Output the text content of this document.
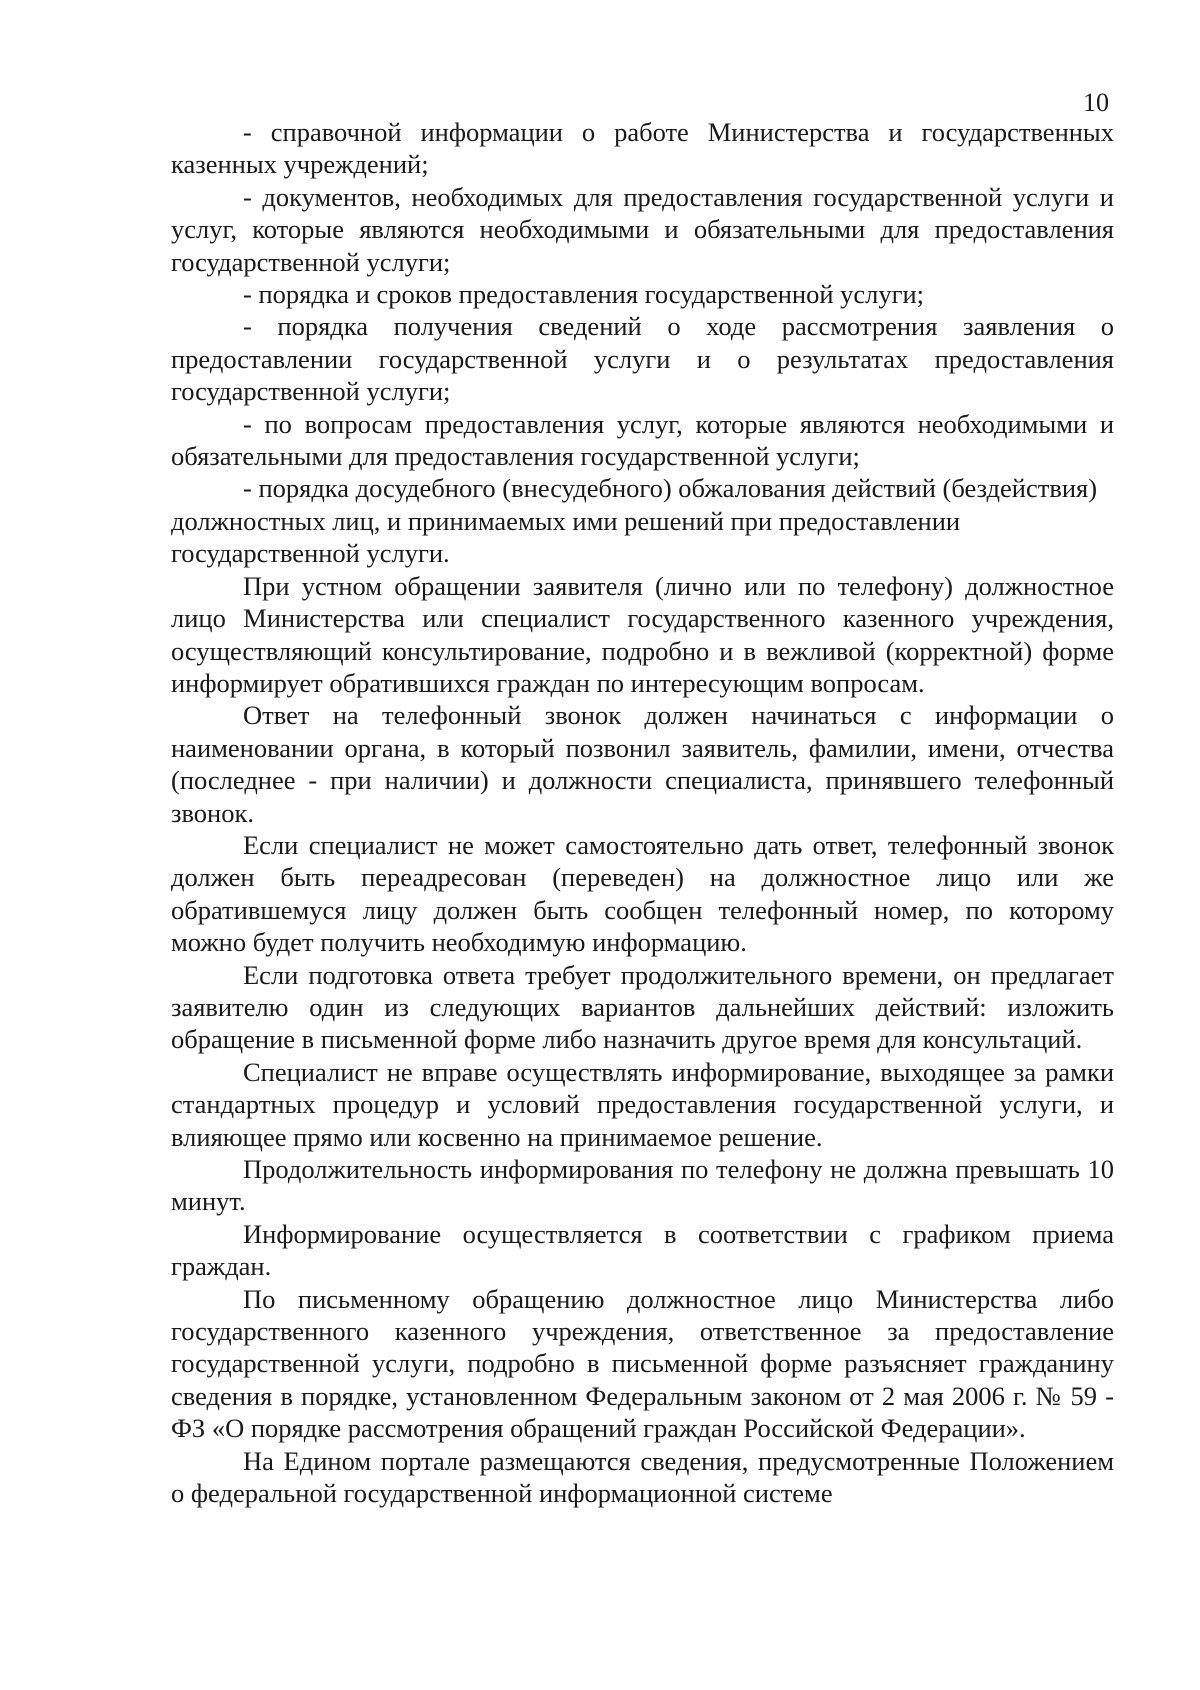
10

- справочной информации о работе Министерства и государственных казенных учреждений;

- документов, необходимых для предоставления государственной услуги и услуг, которые являются необходимыми и обязательными для предоставления государственной услуги;

- порядка и сроков предоставления государственной услуги;

- порядка получения сведений о ходе рассмотрения заявления о предоставлении государственной услуги и о результатах предоставления государственной услуги;

- по вопросам предоставления услуг, которые являются необходимыми и обязательными для предоставления государственной услуги;

- порядка досудебного (внесудебного) обжалования действий (бездействия) должностных лиц, и принимаемых ими решений при предоставлении государственной услуги.

При устном обращении заявителя (лично или по телефону) должностное лицо Министерства или специалист государственного казенного учреждения, осуществляющий консультирование, подробно и в вежливой (корректной) форме информирует обратившихся граждан по интересующим вопросам.

Ответ на телефонный звонок должен начинаться с информации о наименовании органа, в который позвонил заявитель, фамилии, имени, отчества (последнее - при наличии) и должности специалиста, принявшего телефонный звонок.

Если специалист не может самостоятельно дать ответ, телефонный звонок должен быть переадресован (переведен) на должностное лицо или же обратившемуся лицу должен быть сообщен телефонный номер, по которому можно будет получить необходимую информацию.

Если подготовка ответа требует продолжительного времени, он предлагает заявителю один из следующих вариантов дальнейших действий: изложить обращение в письменной форме либо назначить другое время для консультаций.

Специалист не вправе осуществлять информирование, выходящее за рамки стандартных процедур и условий предоставления государственной услуги, и влияющее прямо или косвенно на принимаемое решение.

Продолжительность информирования по телефону не должна превышать 10 минут.

Информирование осуществляется в соответствии с графиком приема граждан.

По письменному обращению должностное лицо Министерства либо государственного казенного учреждения, ответственное за предоставление государственной услуги, подробно в письменной форме разъясняет гражданину сведения в порядке, установленном Федеральным законом от 2 мая 2006 г. № 59 - ФЗ «О порядке рассмотрения обращений граждан Российской Федерации».

На Едином портале размещаются сведения, предусмотренные Положением о федеральной государственной информационной системе
